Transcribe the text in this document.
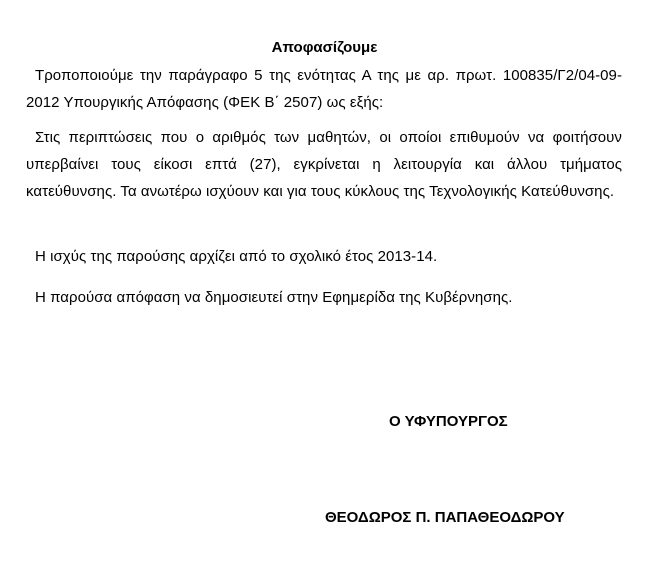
Αποφασίζουμε

Τροποποιούμε την παράγραφο 5 της ενότητας Α της με αρ. πρωτ. 100835/Γ2/04-09-2012 Υπουργικής Απόφασης (ΦΕΚ Β΄ 2507) ως εξής:

Στις περιπτώσεις που ο αριθμός των μαθητών, οι οποίοι επιθυμούν να φοιτήσουν υπερβαίνει τους είκοσι επτά (27), εγκρίνεται η λειτουργία και άλλου τμήματος κατεύθυνσης. Τα ανωτέρω ισχύουν και για τους κύκλους της Τεχνολογικής Κατεύθυνσης.

Η ισχύς της παρούσης αρχίζει από το σχολικό έτος 2013-14.

Η παρούσα απόφαση να δημοσιευτεί στην Εφημερίδα της Κυβέρνησης.

Ο ΥΦΥΠΟΥΡΓΟΣ

ΘΕΟΔΩΡΟΣ Π. ΠΑΠΑΘΕΟΔΩΡΟΥ
